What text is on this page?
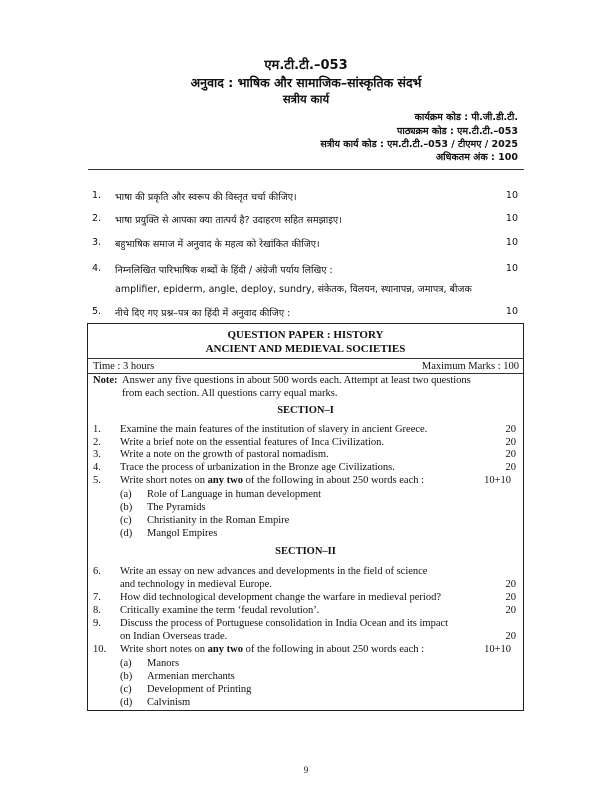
एम.टी.टी.–053
अनुवाद : भाषिक और सामाजिक–सांस्कृतिक संदर्भ
सत्रीय कार्य
कार्यक्रम कोड : पी.जी.डी.टी.
पाठ्यक्रम कोड : एम.टी.टी.–053
सत्रीय कार्य कोड : एम.टी.टी.–053 / टीएमए / 2025
अधिकतम अंक : 100
1. भाषा की प्रकृति और स्वरूप की विस्तृत चर्चा कीजिए।	10
2. भाषा प्रयुक्ति से आपका क्या तात्पर्य है? उदाहरण सहित समझाइए।	10
3. बहुभाषिक समाज में अनुवाद के महत्व को रेखांकित कीजिए।	10
4. निम्नलिखित पारिभाषिक शब्दों के हिंदी / अंग्रेजी पर्याय लिखिए :	10
amplifier, epiderm, angle, deploy, sundry, संकेतक, विलयन, स्थानापन्न, जमापत्र, बीजक
5. नीचे दिए गए प्रश्न–पत्र का हिंदी में अनुवाद कीजिए :	10
QUESTION PAPER : HISTORY
ANCIENT AND MEDIEVAL SOCIETIES
Time : 3 hours	Maximum Marks : 100
Note: Answer any five questions in about 500 words each. Attempt at least two questions
from each section. All questions carry equal marks.
SECTION–I
1. Examine the main features of the institution of slavery in ancient Greece.	20
2. Write a brief note on the essential features of Inca Civilization.	20
3. Write a note on the growth of pastoral nomadism.	20
4. Trace the process of urbanization in the Bronze age Civilizations.	20
5. Write short notes on any two of the following in about 250 words each :	10+10
(a) Role of Language in human development
(b) The Pyramids
(c) Christianity in the Roman Empire
(d) Mangol Empires
SECTION–II
6. Write an essay on new advances and developments in the field of science
and technology in medieval Europe.	20
7. How did technological development change the warfare in medieval period?	20
8. Critically examine the term ‘feudal revolution’.	20
9. Discuss the process of Portuguese consolidation in India Ocean and its impact
on Indian Overseas trade.	20
10. Write short notes on any two of the following in about 250 words each :	10+10
(a) Manors
(b) Armenian merchants
(c) Development of Printing
(d) Calvinism
9
